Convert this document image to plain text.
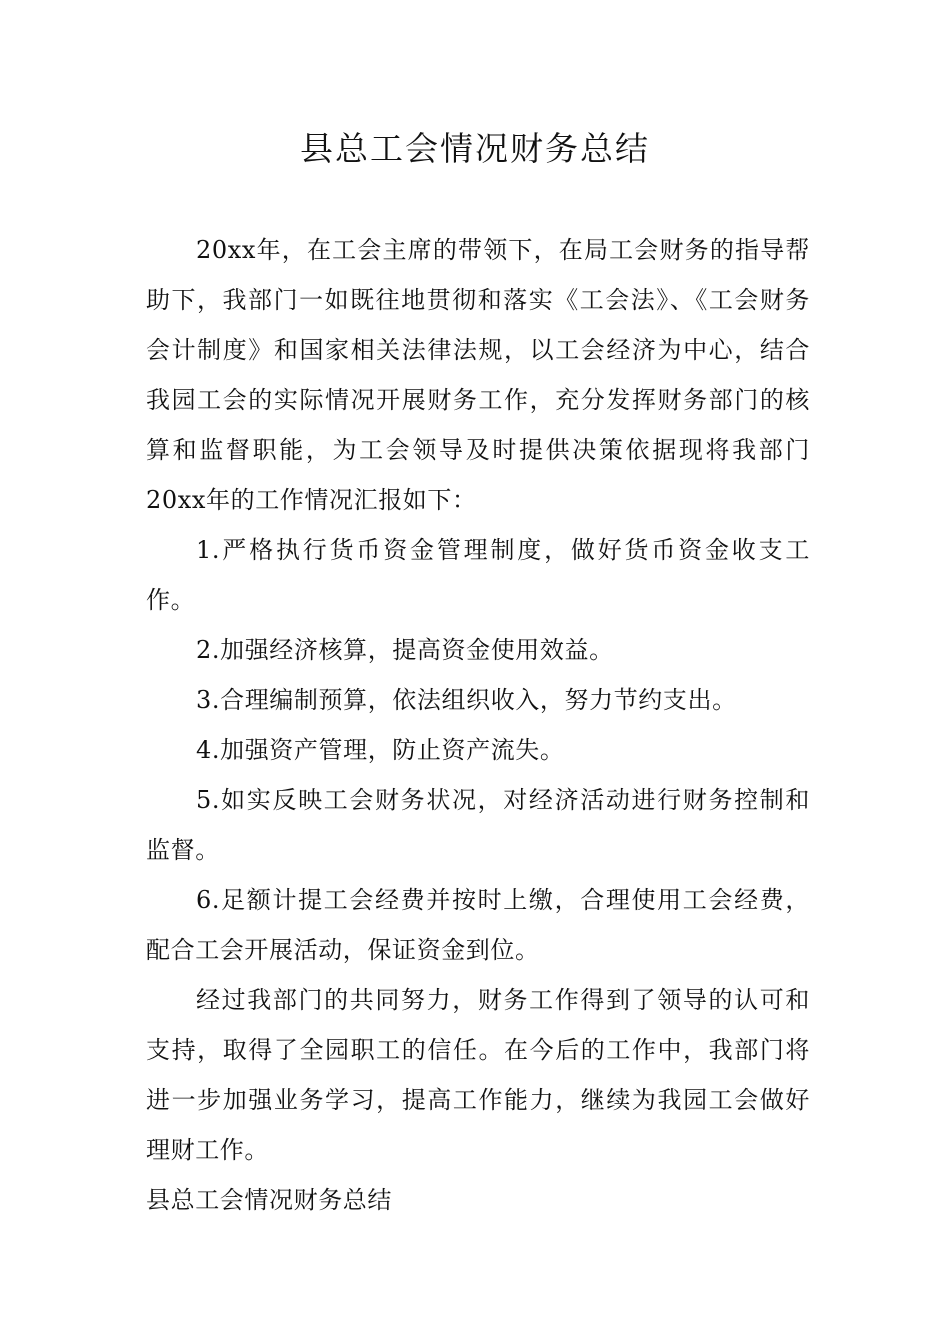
县总工会情况财务总结

20xx年，在工会主席的带领下，在局工会财务的指导帮助下，我部门一如既往地贯彻和落实《工会法》、《工会财务会计制度》和国家相关法律法规，以工会经济为中心，结合我园工会的实际情况开展财务工作，充分发挥财务部门的核算和监督职能，为工会领导及时提供决策依据现将我部门20xx年的工作情况汇报如下：

1.严格执行货币资金管理制度，做好货币资金收支工作。

2.加强经济核算，提高资金使用效益。

3.合理编制预算，依法组织收入，努力节约支出。

4.加强资产管理，防止资产流失。

5.如实反映工会财务状况，对经济活动进行财务控制和监督。

6.足额计提工会经费并按时上缴，合理使用工会经费，配合工会开展活动，保证资金到位。

经过我部门的共同努力，财务工作得到了领导的认可和支持，取得了全园职工的信任。在今后的工作中，我部门将进一步加强业务学习，提高工作能力，继续为我园工会做好理财工作。

县总工会情况财务总结
